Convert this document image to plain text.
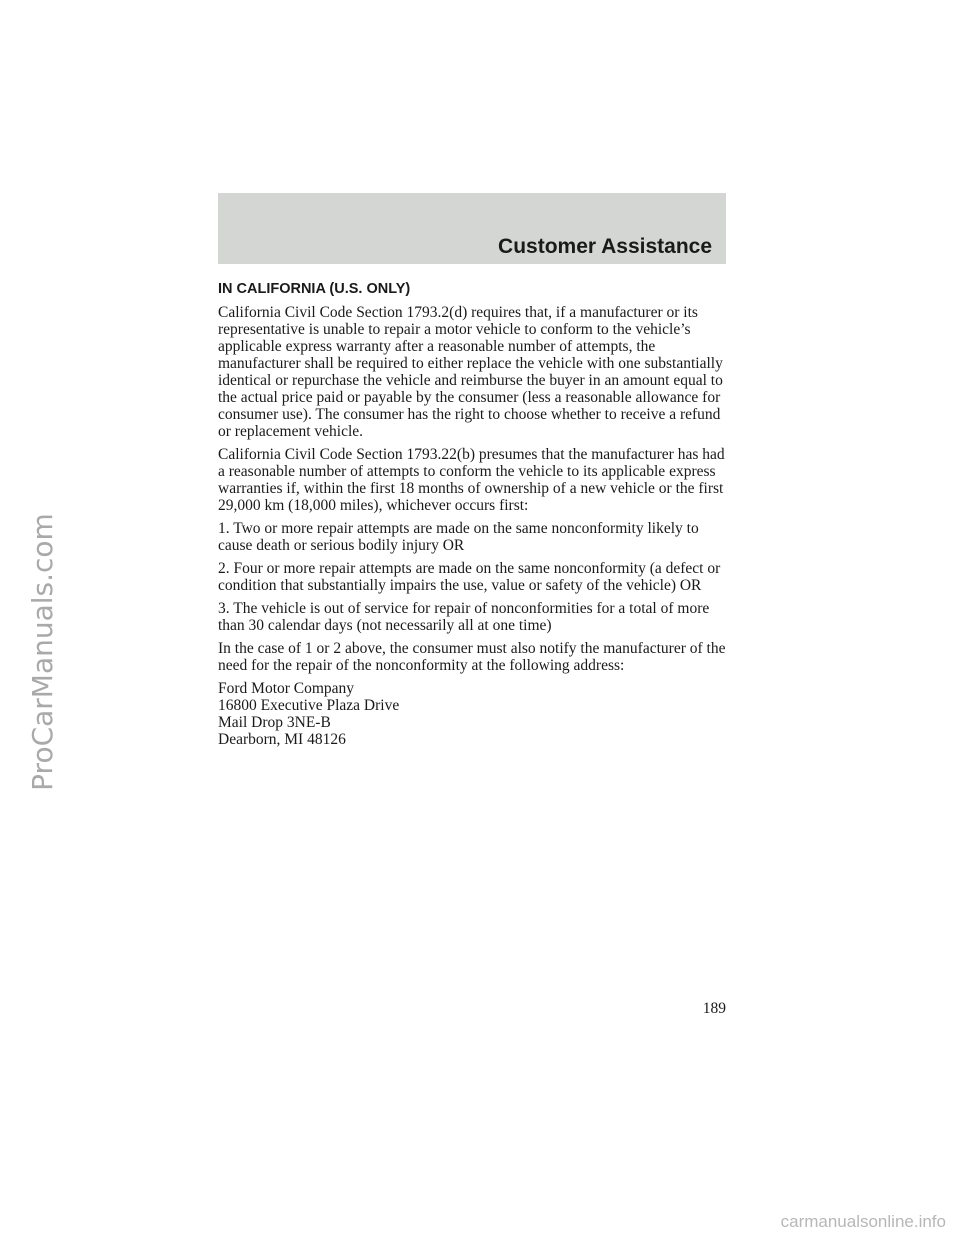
ProCarManuals.com
Customer Assistance
IN CALIFORNIA (U.S. ONLY)

California Civil Code Section 1793.2(d) requires that, if a manufacturer or its representative is unable to repair a motor vehicle to conform to the vehicle’s applicable express warranty after a reasonable number of attempts, the manufacturer shall be required to either replace the vehicle with one substantially identical or repurchase the vehicle and reimburse the buyer in an amount equal to the actual price paid or payable by the consumer (less a reasonable allowance for consumer use). The consumer has the right to choose whether to receive a refund or replacement vehicle.

California Civil Code Section 1793.22(b) presumes that the manufacturer has had a reasonable number of attempts to conform the vehicle to its applicable express warranties if, within the first 18 months of ownership of a new vehicle or the first 29,000 km (18,000 miles), whichever occurs first:

1. Two or more repair attempts are made on the same nonconformity likely to cause death or serious bodily injury OR

2. Four or more repair attempts are made on the same nonconformity (a defect or condition that substantially impairs the use, value or safety of the vehicle) OR

3. The vehicle is out of service for repair of nonconformities for a total of more than 30 calendar days (not necessarily all at one time)

In the case of 1 or 2 above, the consumer must also notify the manufacturer of the need for the repair of the nonconformity at the following address:

Ford Motor Company
16800 Executive Plaza Drive
Mail Drop 3NE-B
Dearborn, MI 48126
189
carmanualsonline.info
